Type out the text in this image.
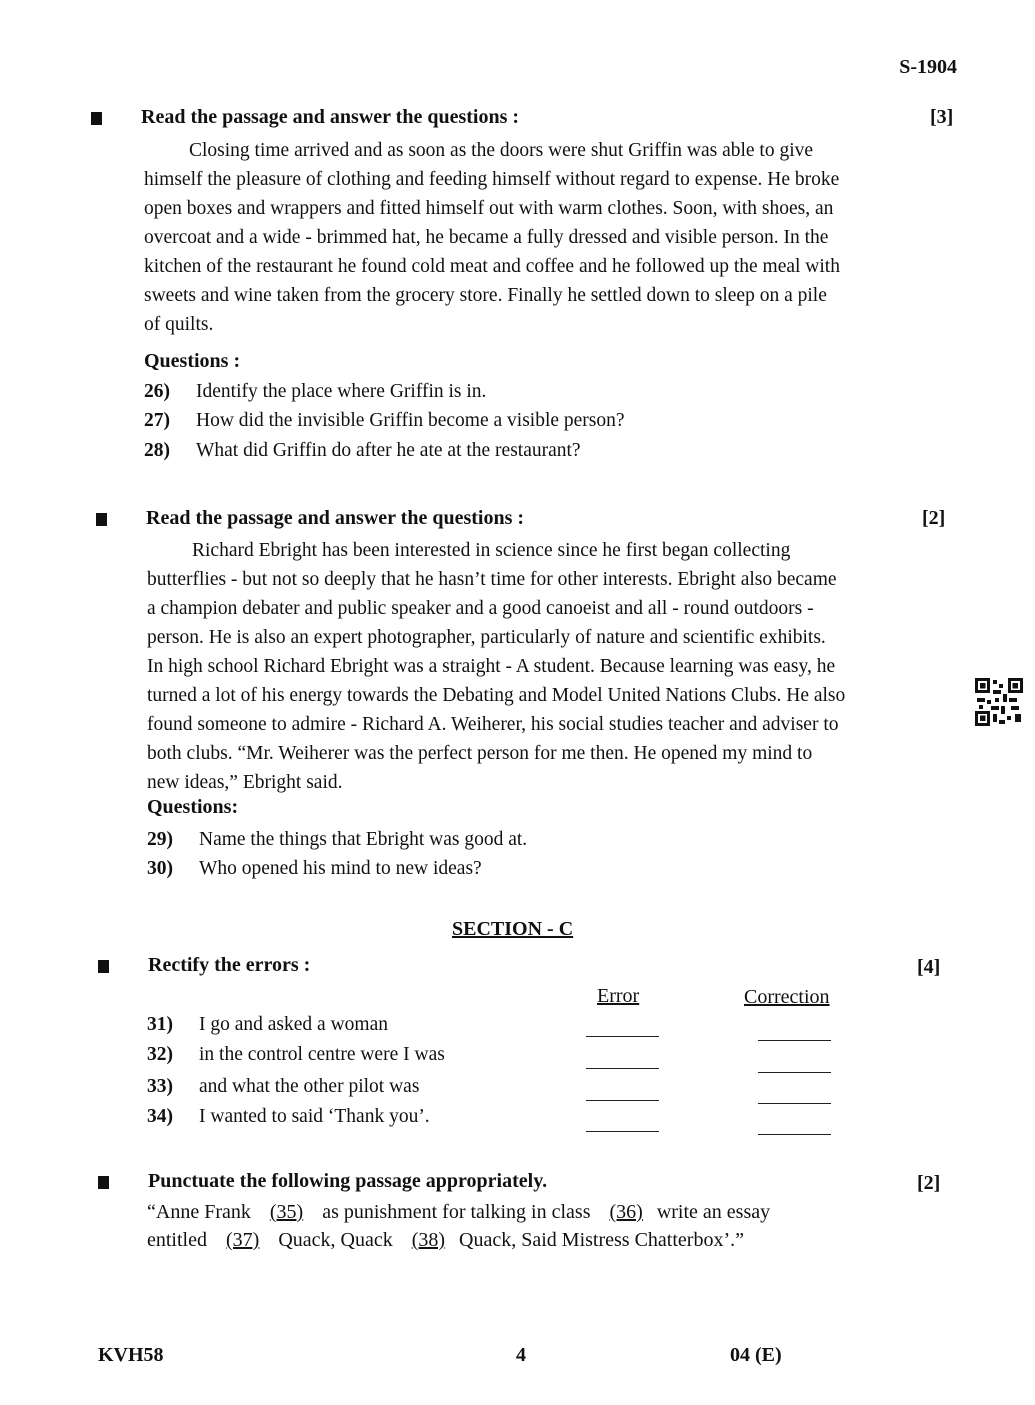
S-1904
Read the passage and answer the questions :	[3]
Closing time arrived and as soon as the doors were shut Griffin was able to give
himself the pleasure of clothing and feeding himself without regard to expense. He broke
open boxes and wrappers and fitted himself out with warm clothes. Soon, with shoes, an
overcoat and a wide - brimmed hat, he became a fully dressed and visible person. In the
kitchen of the restaurant he found cold meat and coffee and he followed up the meal with
sweets and wine taken from the grocery store. Finally he settled down to sleep on a pile
of quilts.
Questions :
26)	Identify the place where Griffin is in.
27)	How did the invisible Griffin become a visible person?
28)	What did Griffin do after he ate at the restaurant?
Read the passage and answer the questions :	[2]
Richard Ebright has been interested in science since he first began collecting
butterflies - but not so deeply that he hasn’t time for other interests. Ebright also became
a champion debater and public speaker and a good canoeist and all - round outdoors -
person. He is also an expert photographer, particularly of nature and scientific exhibits.
In high school Richard Ebright was a straight - A student. Because learning was easy, he
turned a lot of his energy towards the Debating and Model United Nations Clubs. He also
found someone to admire - Richard A. Weiherer, his social studies teacher and adviser to
both clubs. “Mr. Weiherer was the perfect person for me then. He opened my mind to
new ideas,” Ebright said.
Questions:
29)	Name the things that Ebright was good at.
30)	Who opened his mind to new ideas?
SECTION - C
Rectify the errors :	[4]
Error	Correction
31)	I go and asked a woman
32)	in the control centre were I was
33)	and what the other pilot was
34)	I wanted to said ‘Thank you’.
Punctuate the following passage appropriately.	[2]
“Anne Frank (35) as punishment for talking in class (36) write an essay
entitled (37) Quack, Quack (38) Quack, Said Mistress Chatterbox’.”
KVH58	4	04 (E)
